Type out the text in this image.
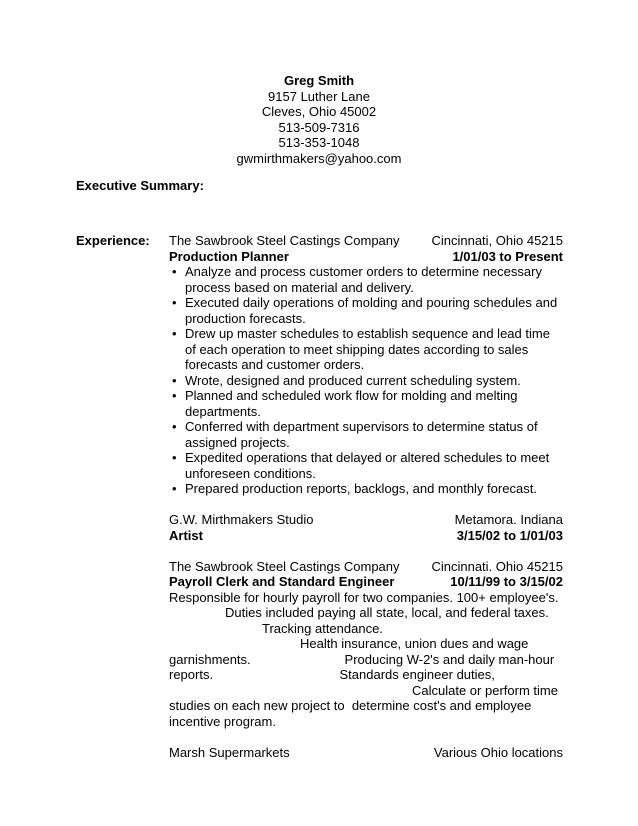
Greg Smith
9157 Luther Lane
Cleves, Ohio 45002
513-509-7316
513-353-1048
gwmirthmakers@yahoo.com
Executive Summary:
Experience: The Sawbrook Steel Castings Company Cincinnati, Ohio 45215
Production Planner	1/01/03 to Present
• Analyze and process customer orders to determine necessary process based on material and delivery.
• Executed daily operations of molding and pouring schedules and production forecasts.
• Drew up master schedules to establish sequence and lead time of each operation to meet shipping dates according to sales forecasts and customer orders.
• Wrote, designed and produced current scheduling system.
• Planned and scheduled work flow for molding and melting departments.
• Conferred with department supervisors to determine status of assigned projects.
• Expedited operations that delayed or altered schedules to meet unforeseen conditions.
• Prepared production reports, backlogs, and monthly forecast.
G.W. Mirthmakers Studio	Metamora. Indiana
Artist	3/15/02 to 1/01/03
The Sawbrook Steel Castings Company Cincinnati. Ohio 45215
Payroll Clerk and Standard Engineer	10/11/99 to 3/15/02
Responsible for hourly payroll for two companies. 100+ employee's.
Duties included paying all state, local, and federal taxes.
Tracking attendance.
Health insurance, union dues and wage
garnishments.                          Producing W-2's and daily man-hour
reports.                                   Standards engineer duties,
Calculate or perform time
studies on each new project to  determine cost's and employee
incentive program.
Marsh Supermarkets	Various Ohio locations
